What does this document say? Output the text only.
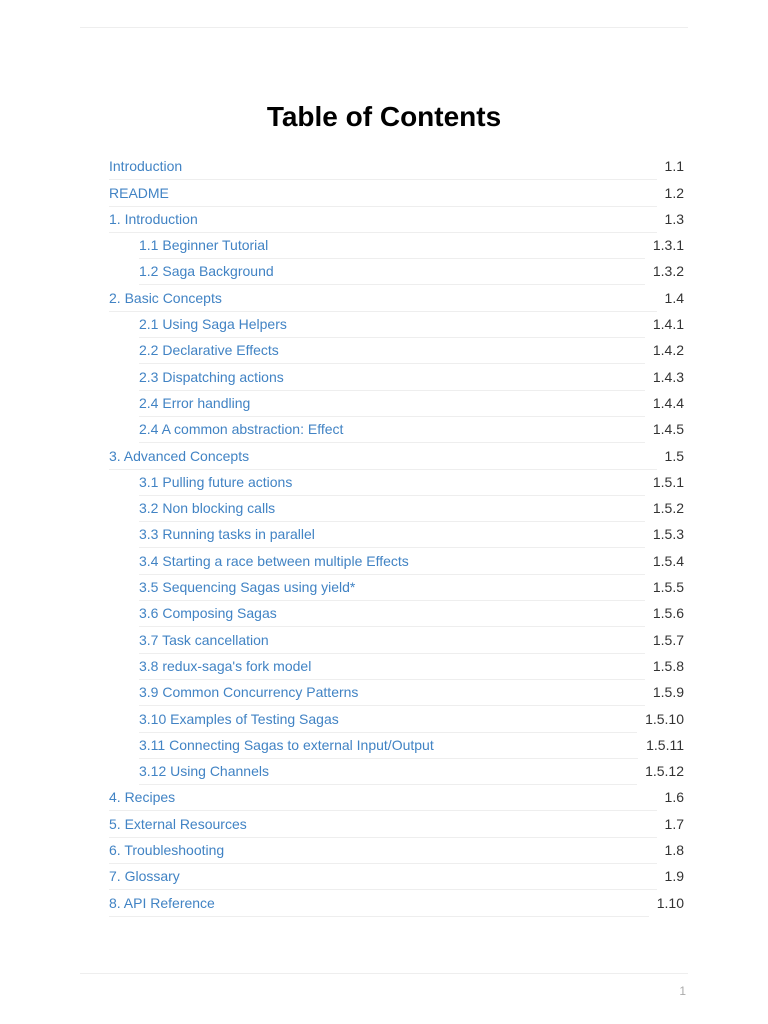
Table of Contents
Introduction	1.1
README	1.2
1. Introduction	1.3
1.1 Beginner Tutorial	1.3.1
1.2 Saga Background	1.3.2
2. Basic Concepts	1.4
2.1 Using Saga Helpers	1.4.1
2.2 Declarative Effects	1.4.2
2.3 Dispatching actions	1.4.3
2.4 Error handling	1.4.4
2.4 A common abstraction: Effect	1.4.5
3. Advanced Concepts	1.5
3.1 Pulling future actions	1.5.1
3.2 Non blocking calls	1.5.2
3.3 Running tasks in parallel	1.5.3
3.4 Starting a race between multiple Effects	1.5.4
3.5 Sequencing Sagas using yield*	1.5.5
3.6 Composing Sagas	1.5.6
3.7 Task cancellation	1.5.7
3.8 redux-saga's fork model	1.5.8
3.9 Common Concurrency Patterns	1.5.9
3.10 Examples of Testing Sagas	1.5.10
3.11 Connecting Sagas to external Input/Output	1.5.11
3.12 Using Channels	1.5.12
4. Recipes	1.6
5. External Resources	1.7
6. Troubleshooting	1.8
7. Glossary	1.9
8. API Reference	1.10
1
